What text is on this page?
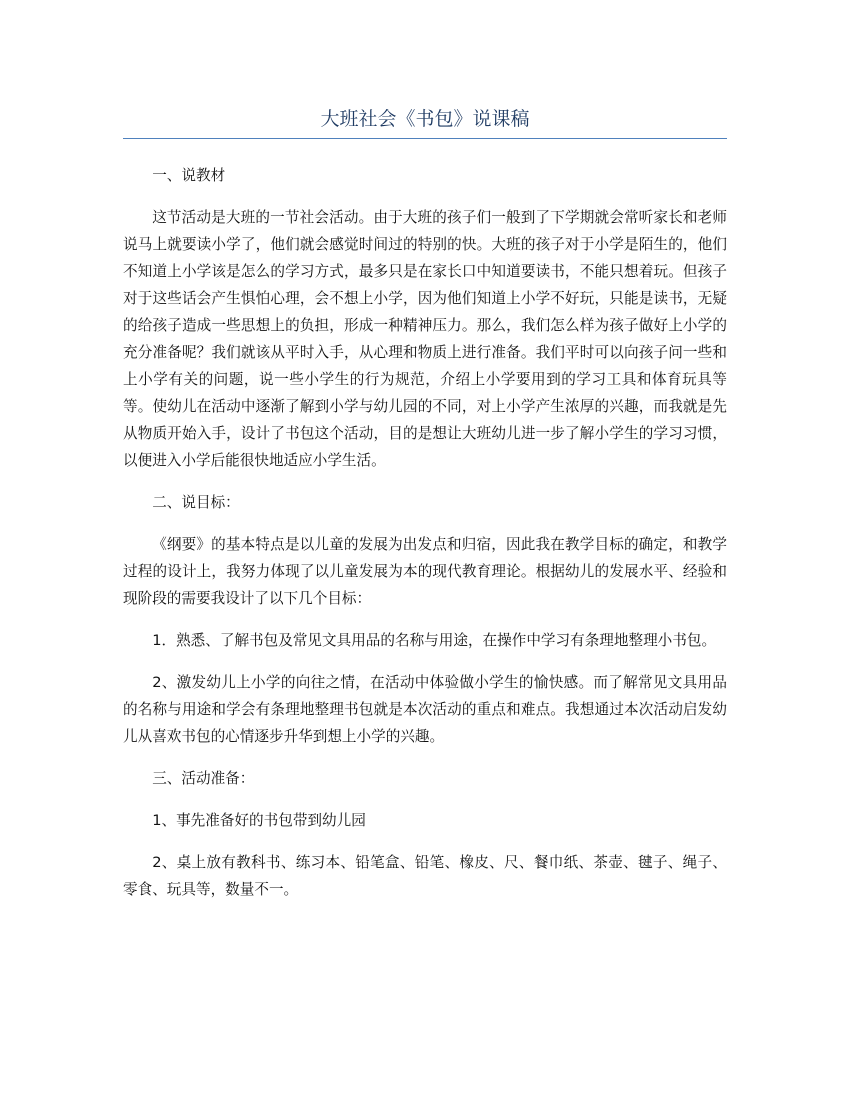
大班社会《书包》说课稿

一、说教材

这节活动是大班的一节社会活动。由于大班的孩子们一般到了下学期就会常听家长和老师说马上就要读小学了，他们就会感觉时间过的特别的快。大班的孩子对于小学是陌生的，他们不知道上小学该是怎么的学习方式，最多只是在家长口中知道要读书，不能只想着玩。但孩子对于这些话会产生惧怕心理，会不想上小学，因为他们知道上小学不好玩，只能是读书，无疑的给孩子造成一些思想上的负担，形成一种精神压力。那么，我们怎么样为孩子做好上小学的充分准备呢？我们就该从平时入手，从心理和物质上进行准备。我们平时可以向孩子问一些和上小学有关的问题，说一些小学生的行为规范，介绍上小学要用到的学习工具和体育玩具等等。使幼儿在活动中逐渐了解到小学与幼儿园的不同，对上小学产生浓厚的兴趣，而我就是先从物质开始入手，设计了书包这个活动，目的是想让大班幼儿进一步了解小学生的学习习惯，以便进入小学后能很快地适应小学生活。

二、说目标：

《纲要》的基本特点是以儿童的发展为出发点和归宿，因此我在教学目标的确定，和教学过程的设计上，我努力体现了以儿童发展为本的现代教育理论。根据幼儿的发展水平、经验和现阶段的需要我设计了以下几个目标：

1．熟悉、了解书包及常见文具用品的名称与用途，在操作中学习有条理地整理小书包。

2、激发幼儿上小学的向往之情，在活动中体验做小学生的愉快感。而了解常见文具用品的名称与用途和学会有条理地整理书包就是本次活动的重点和难点。我想通过本次活动启发幼儿从喜欢书包的心情逐步升华到想上小学的兴趣。

三、活动准备：

1、事先准备好的书包带到幼儿园

2、桌上放有教科书、练习本、铅笔盒、铅笔、橡皮、尺、餐巾纸、茶壶、毽子、绳子、零食、玩具等，数量不一。
